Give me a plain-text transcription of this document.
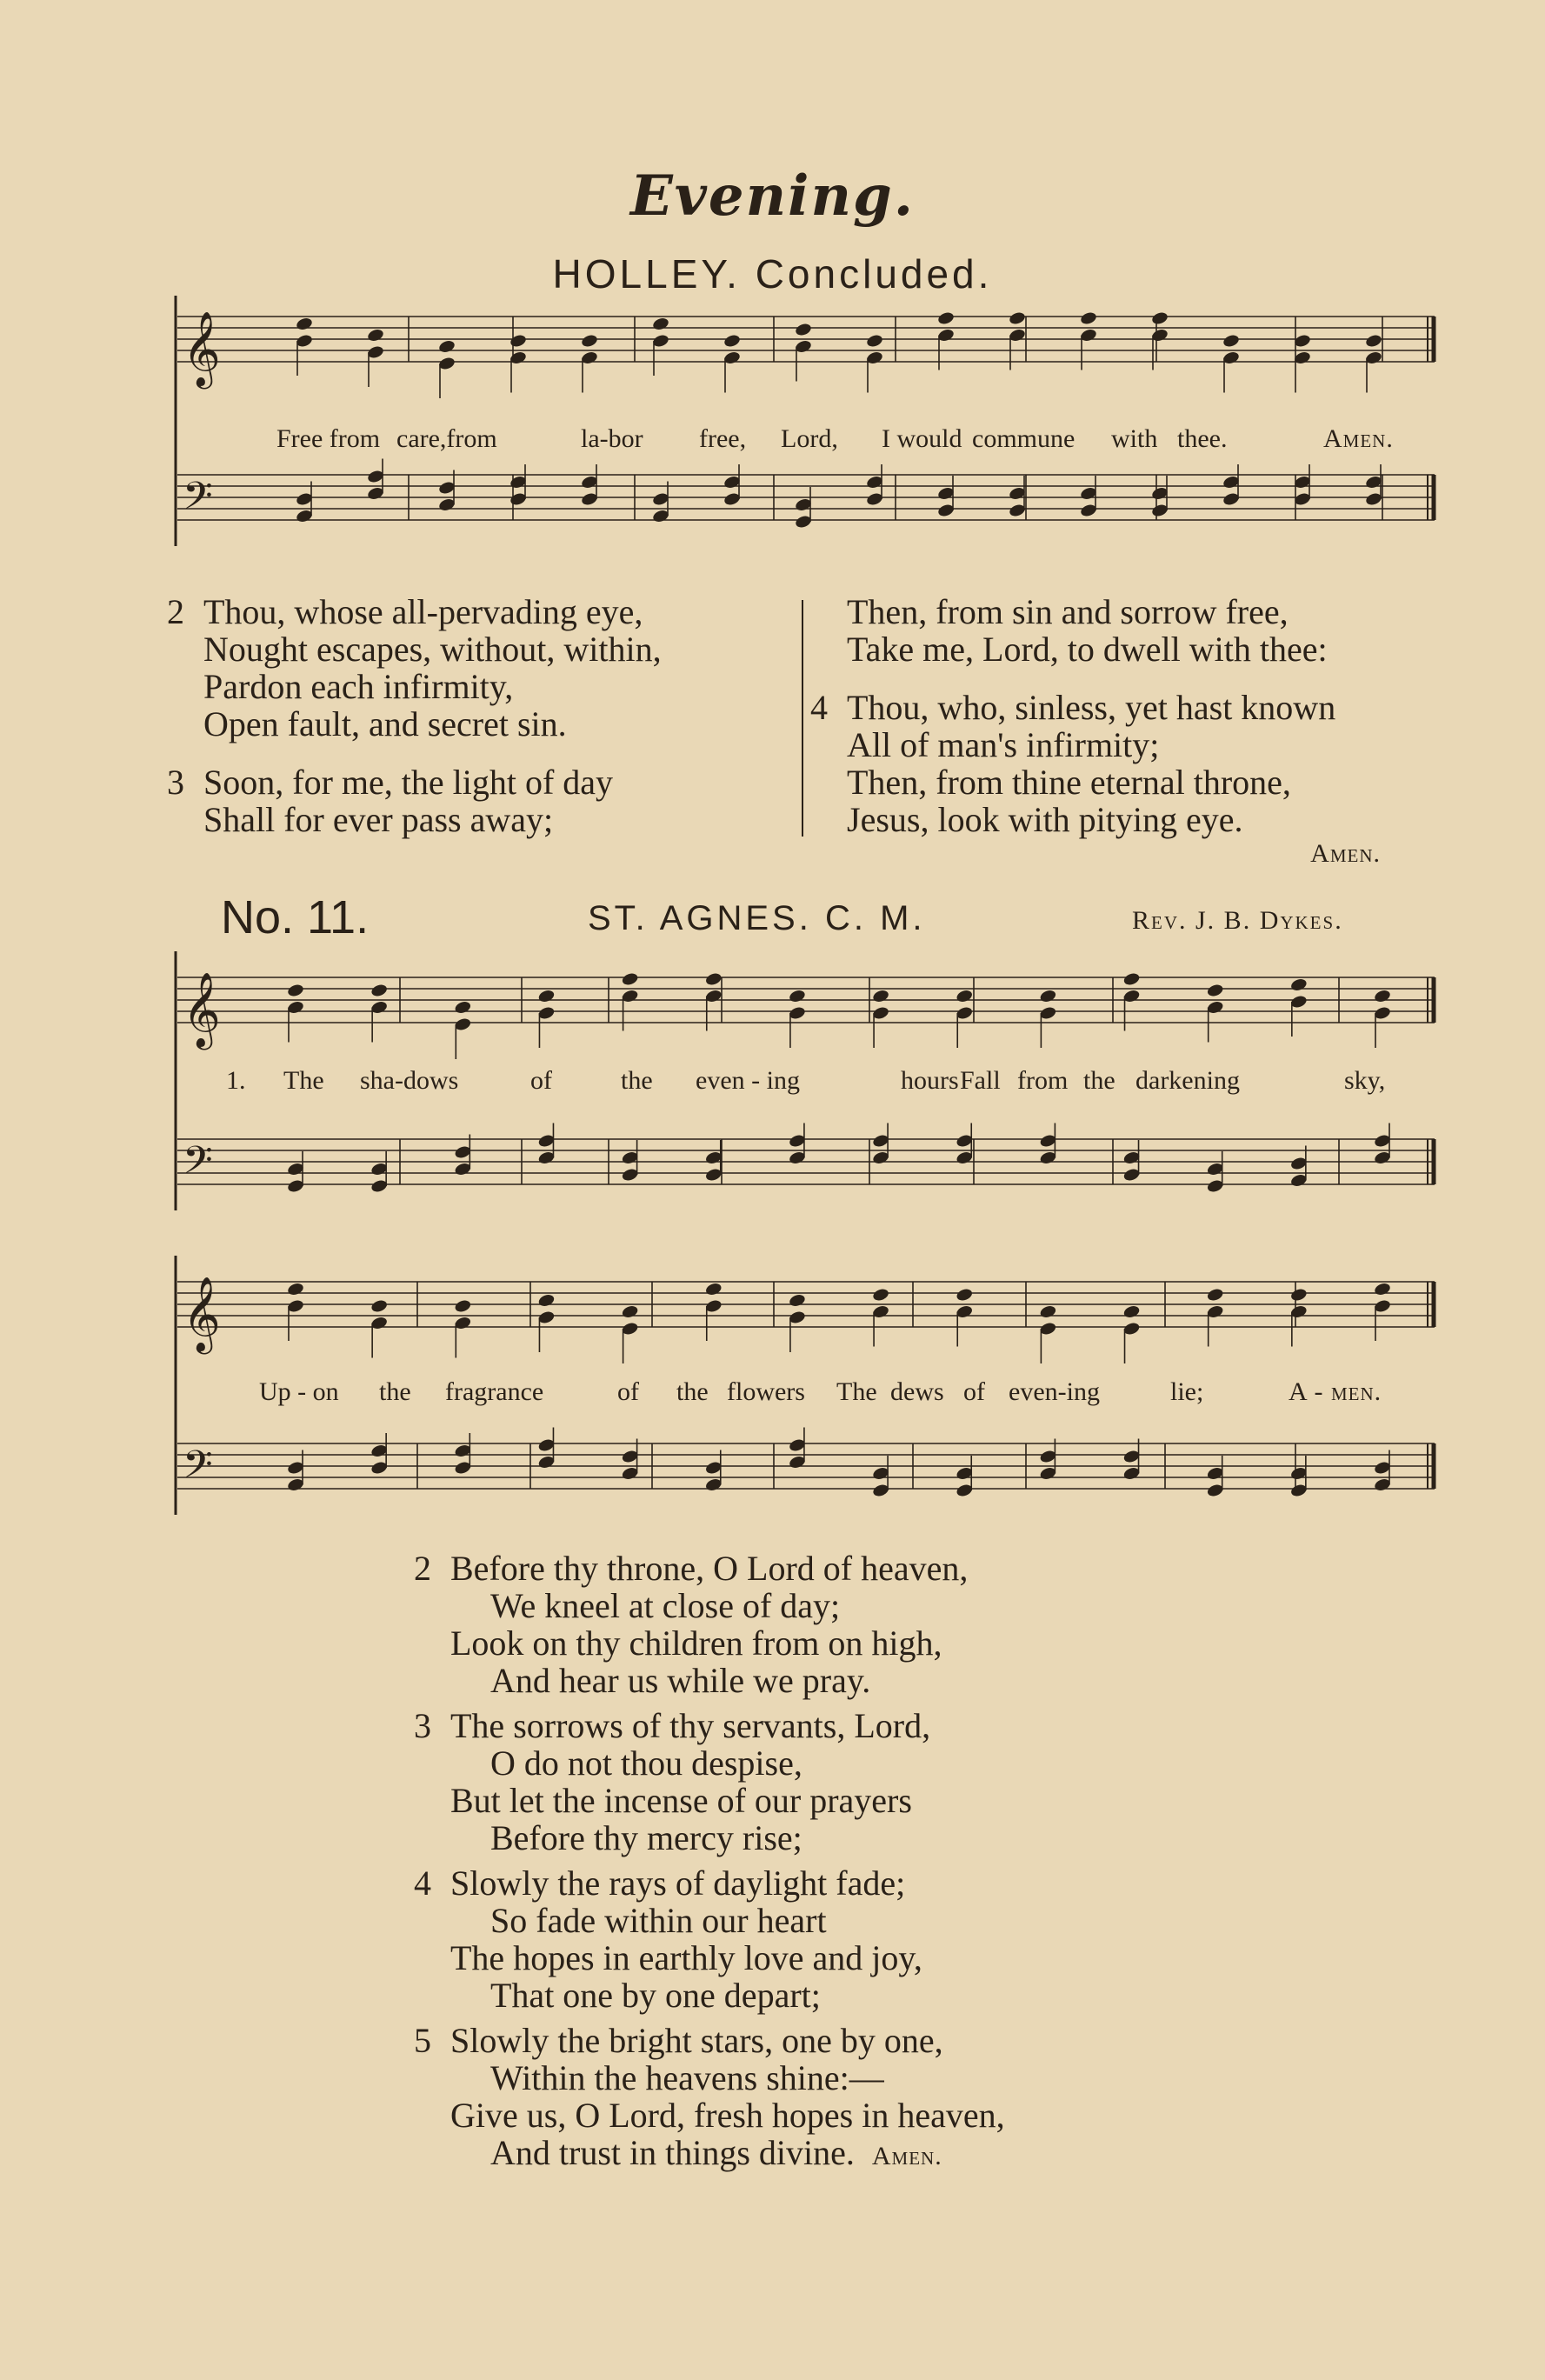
Evening.
HOLLEY. Concluded.
𝄞
𝄢
Free from care,from	la-bor free, Lord, I would commune with thee.	Amen.
2 Thou, whose all-pervading eye,
Nought escapes, without, within,
Pardon each infirmity,
Open fault, and secret sin.
3 Soon, for me, the light of day
Shall for ever pass away;
Then, from sin and sorrow free,
Take me, Lord, to dwell with thee:
4 Thou, who, sinless, yet hast known
All of man's infirmity;
Then, from thine eternal throne,
Jesus, look with pitying eye.
Amen.
No. 11.	ST. AGNES. C. M.	Rev. J. B. Dykes.
𝄞
𝄢
1. The sha-dows	of	the even - ing	hours Fall from the darkening	sky,
𝄞
𝄢
Up - on the fragrance	of the flowers The dews of even-ing	lie;	A - men.
2 Before thy throne, O Lord of heaven,
We kneel at close of day;
Look on thy children from on high,
And hear us while we pray.
3 The sorrows of thy servants, Lord,
O do not thou despise,
But let the incense of our prayers
Before thy mercy rise;
4 Slowly the rays of daylight fade;
So fade within our heart
The hopes in earthly love and joy,
That one by one depart;
5 Slowly the bright stars, one by one,
Within the heavens shine:—
Give us, O Lord, fresh hopes in heaven,
And trust in things divine. Amen.
